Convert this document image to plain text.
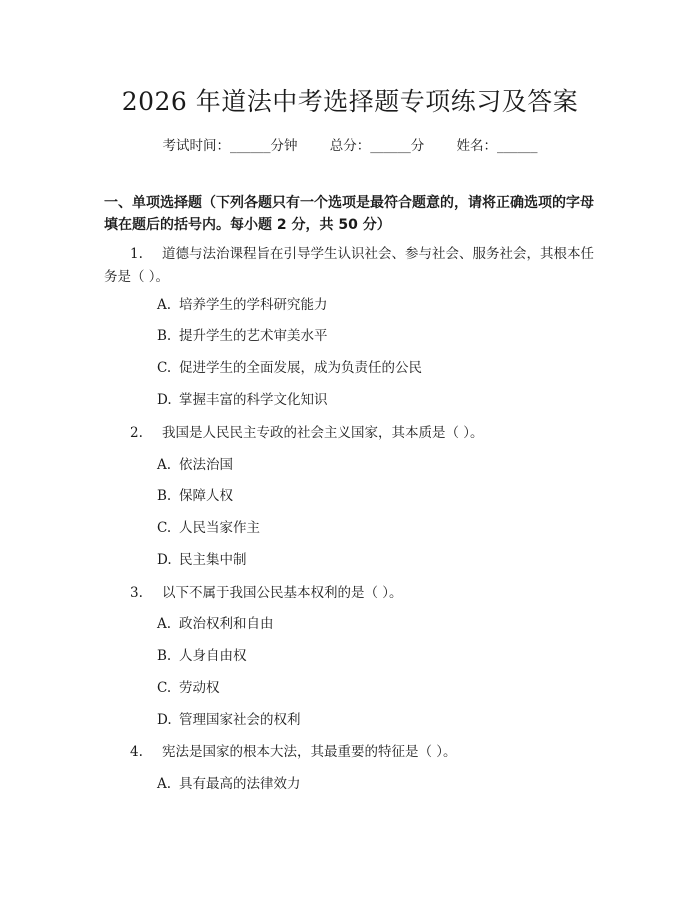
2026 年道法中考选择题专项练习及答案
考试时间：______分钟 总分：______分 姓名：______
一、单项选择题（下列各题只有一个选项是最符合题意的，请将正确选项的字母填在题后的括号内。每小题 2 分，共 50 分）
1. 道德与法治课程旨在引导学生认识社会、参与社会、服务社会，其根本任务是（ ）。
A. 培养学生的学科研究能力
B. 提升学生的艺术审美水平
C. 促进学生的全面发展，成为负责任的公民
D. 掌握丰富的科学文化知识
2. 我国是人民民主专政的社会主义国家，其本质是（ ）。
A. 依法治国
B. 保障人权
C. 人民当家作主
D. 民主集中制
3. 以下不属于我国公民基本权利的是（ ）。
A. 政治权利和自由
B. 人身自由权
C. 劳动权
D. 管理国家社会的权利
4. 宪法是国家的根本大法，其最重要的特征是（ ）。
A. 具有最高的法律效力
